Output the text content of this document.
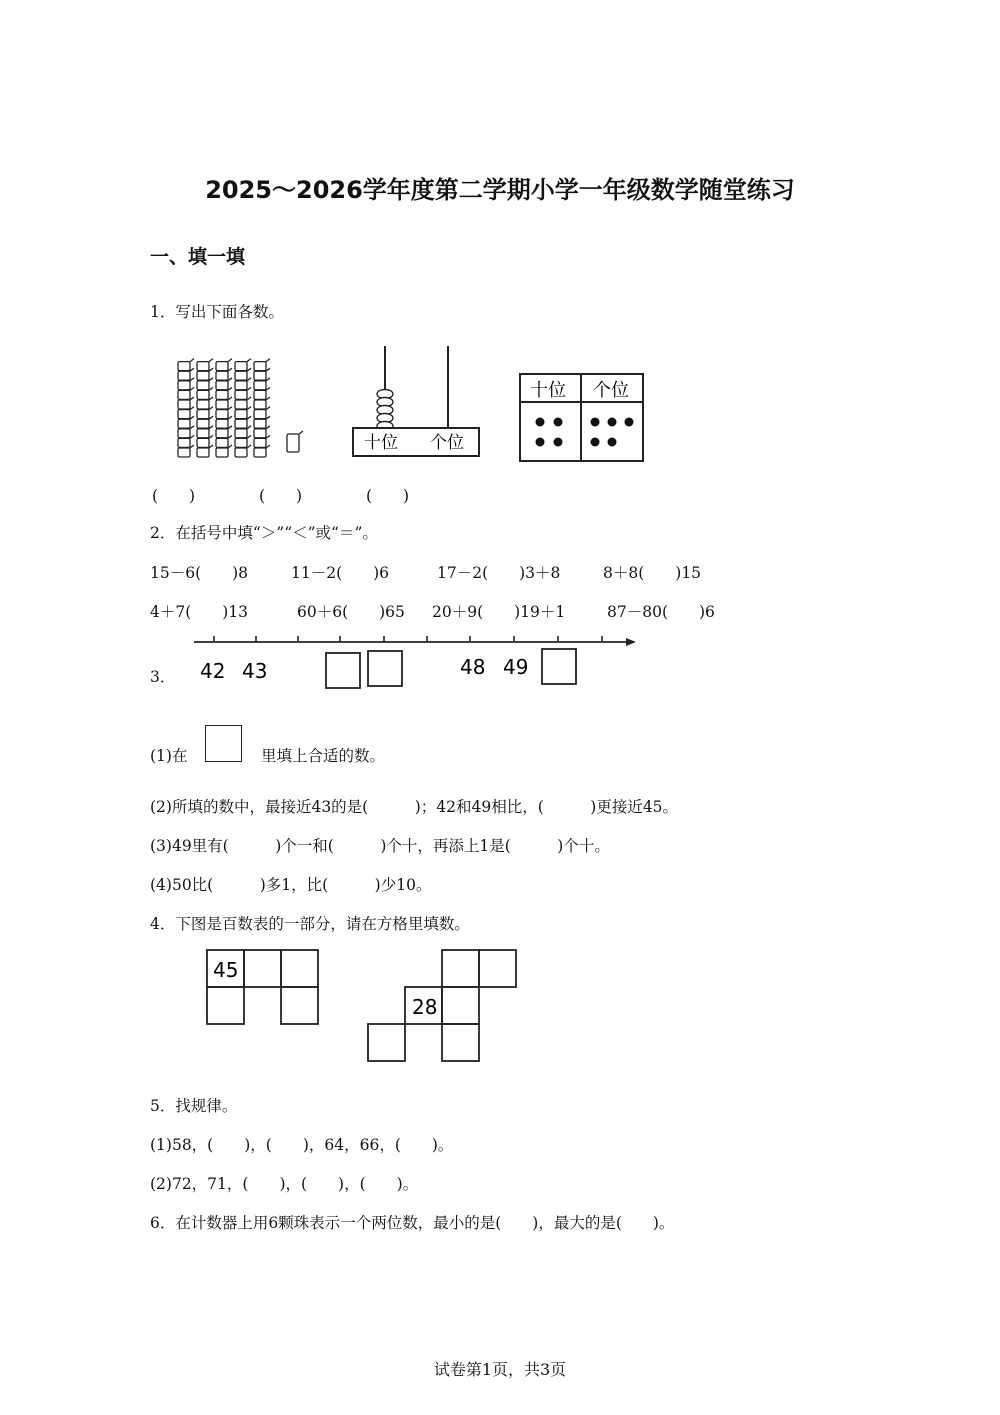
2025～2026学年度第二学期小学一年级数学随堂练习
一、填一填
1．写出下面各数。
十位 个位
十位 个位
(　　)	(　　)	(　　)
2．在括号中填“＞”“＜”或“＝”。
15－6(　　)8	11－2(　　)6	17－2(　　)3＋8	8＋8(　　)15
4＋7(　　)13	60＋6(　　)65 20＋9(　　)19＋1	87－80(　　)6
3． 42 43	48 49
(1)在	里填上合适的数。
(2)所填的数中，最接近43的是(　　　)；42和49相比，(　　　)更接近45。
(3)49里有(　　　)个一和(　　　)个十，再添上1是(　　　)个十。
(4)50比(　　　)多1，比(　　　)少10。
4．下图是百数表的一部分，请在方格里填数。
45
28
5．找规律。
(1)58，(　　)，(　　)，64，66，(　　)。
(2)72，71，(　　)，(　　)，(　　)。
6．在计数器上用6颗珠表示一个两位数，最小的是(　　)，最大的是(　　)。
试卷第1页，共3页
